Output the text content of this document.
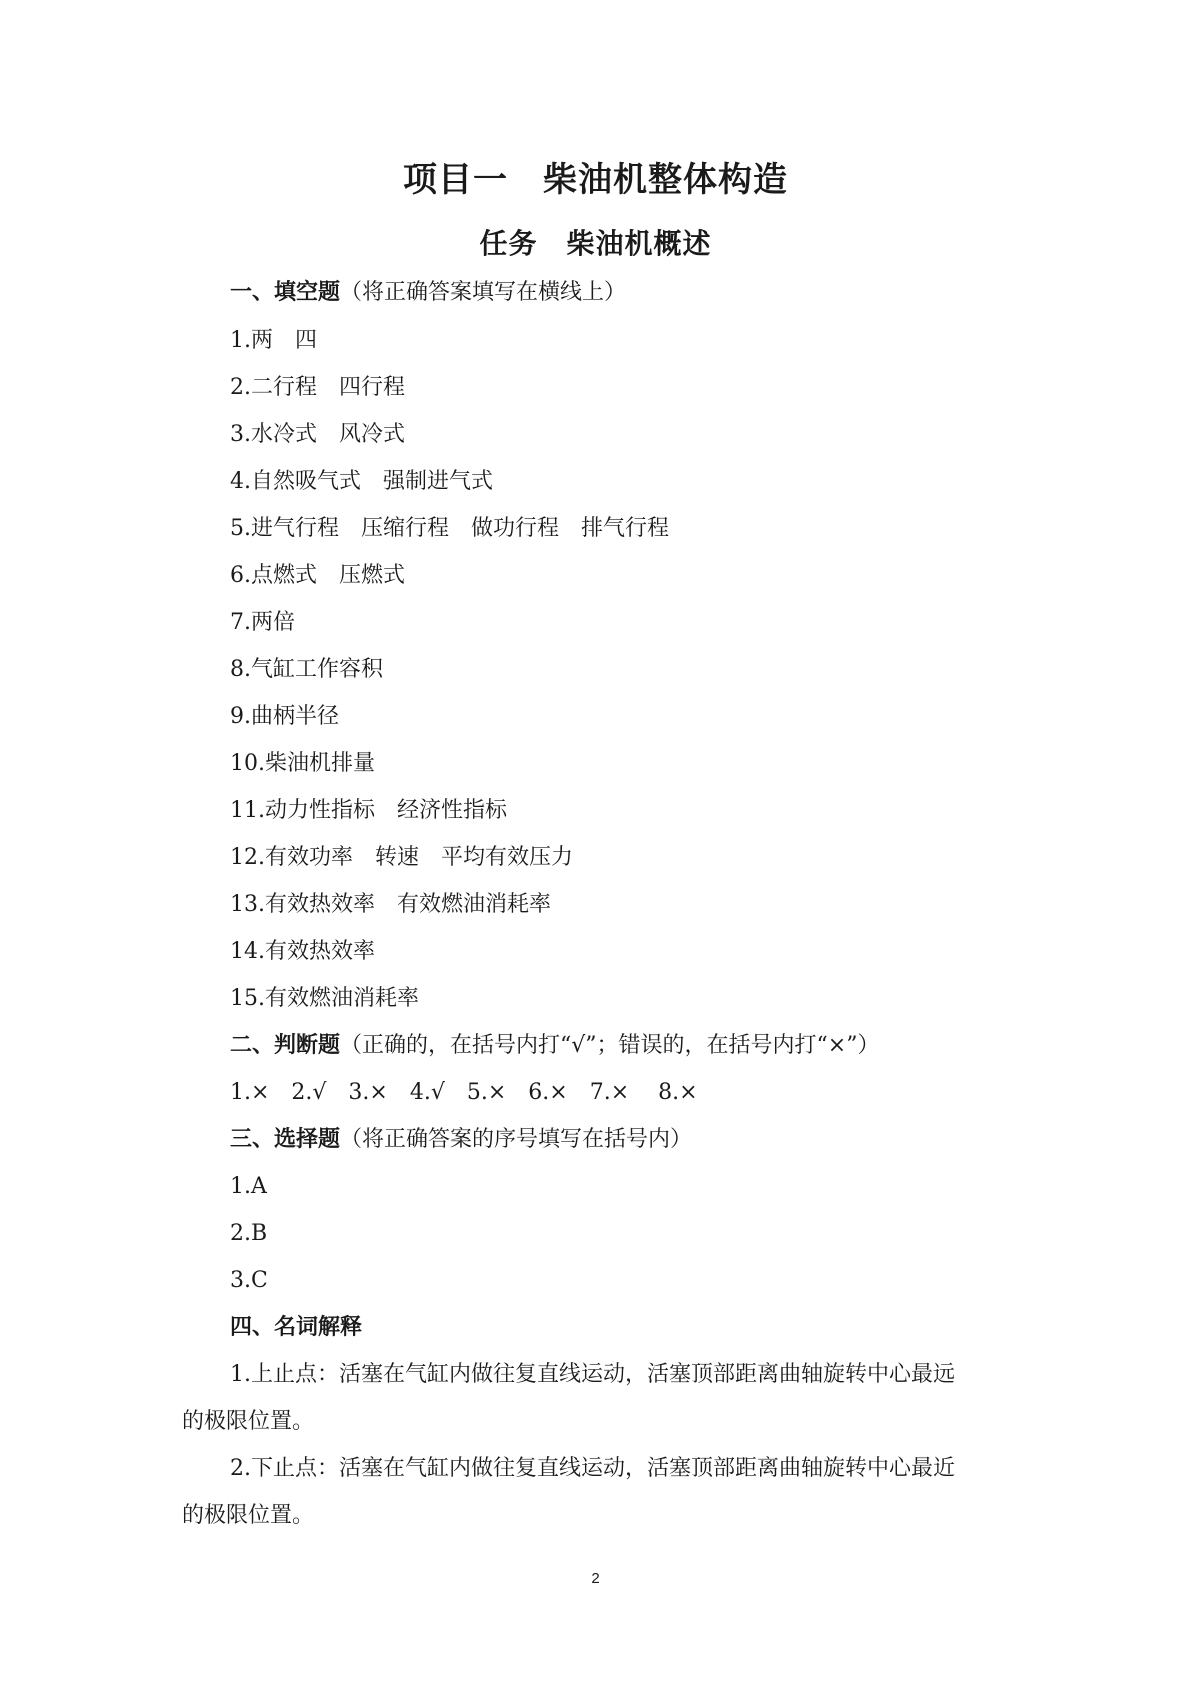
项目一　柴油机整体构造
任务　柴油机概述
一、填空题（将正确答案填写在横线上）
1.两　四
2.二行程　四行程
3.水冷式　风冷式
4.自然吸气式　强制进气式
5.进气行程　压缩行程　做功行程　排气行程
6.点燃式　压燃式
7.两倍
8.气缸工作容积
9.曲柄半径
10.柴油机排量
11.动力性指标　经济性指标
12.有效功率　转速　平均有效压力
13.有效热效率　有效燃油消耗率
14.有效热效率
15.有效燃油消耗率
二、判断题（正确的，在括号内打“√”；错误的，在括号内打“×”）
1.×　2.√　3.×　4.√　5.×　6.×　7.×　 8.×
三、选择题（将正确答案的序号填写在括号内）
1.A
2.B
3.C
四、名词解释
1.上止点：活塞在气缸内做往复直线运动，活塞顶部距离曲轴旋转中心最远
的极限位置。
2.下止点：活塞在气缸内做往复直线运动，活塞顶部距离曲轴旋转中心最近
的极限位置。
2
